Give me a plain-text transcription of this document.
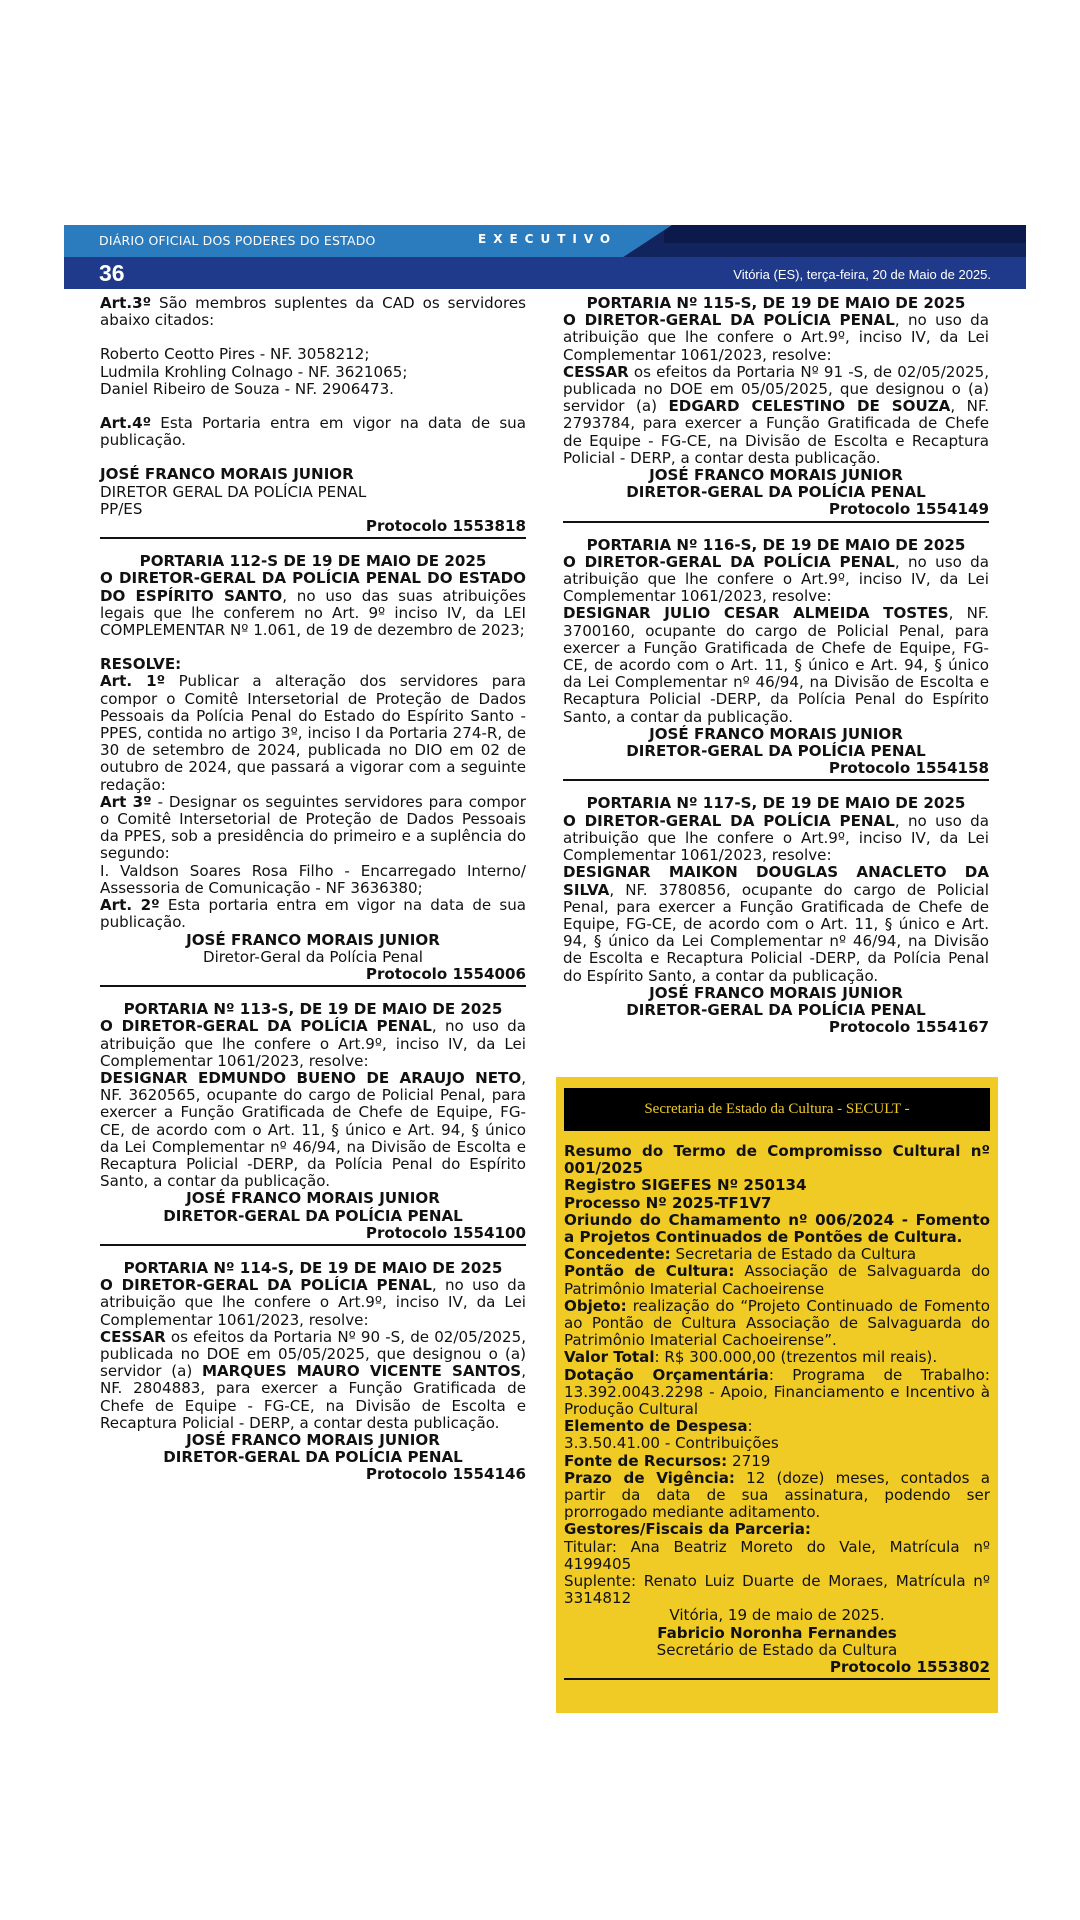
DIÁRIO OFICIAL DOS PODERES DO ESTADO	EXECUTIVO
36	Vitória (ES), terça-feira, 20 de Maio de 2025.

Art.3º São membros suplentes da CAD os servidores abaixo citados:

Roberto Ceotto Pires - NF. 3058212;

Ludmila Krohling Colnago - NF. 3621065;

Daniel Ribeiro de Souza - NF. 2906473.

Art.4º Esta Portaria entra em vigor na data de sua publicação.

JOSÉ FRANCO MORAIS JUNIOR

DIRETOR GERAL DA POLÍCIA PENAL

PP/ES

Protocolo 1553818

PORTARIA 112-S DE 19 DE MAIO DE 2025

O DIRETOR-GERAL DA POLÍCIA PENAL DO ESTADO DO ESPÍRITO SANTO, no uso das suas atribuições legais que lhe conferem no Art. 9º inciso IV, da LEI COMPLEMENTAR Nº 1.061, de 19 de dezembro de 2023;

RESOLVE:

Art. 1º Publicar a alteração dos servidores para compor o Comitê Intersetorial de Proteção de Dados Pessoais da Polícia Penal do Estado do Espírito Santo - PPES, contida no artigo 3º, inciso I da Portaria 274-R, de 30 de setembro de 2024, publicada no DIO em 02 de outubro de 2024, que passará a vigorar com a seguinte redação:

Art 3º - Designar os seguintes servidores para compor o Comitê Intersetorial de Proteção de Dados Pessoais da PPES, sob a presidência do primeiro e a suplência do segundo:

I. Valdson Soares Rosa Filho - Encarregado Interno/ Assessoria de Comunicação - NF 3636380;

Art. 2º Esta portaria entra em vigor na data de sua publicação.

JOSÉ FRANCO MORAIS JUNIOR

Diretor-Geral da Polícia Penal

Protocolo 1554006

PORTARIA Nº 113-S, DE 19 DE MAIO DE 2025

O DIRETOR-GERAL DA POLÍCIA PENAL, no uso da atribuição que lhe confere o Art.9º, inciso IV, da Lei Complementar 1061/2023, resolve:

DESIGNAR EDMUNDO BUENO DE ARAUJO NETO, NF. 3620565, ocupante do cargo de Policial Penal, para exercer a Função Gratificada de Chefe de Equipe, FG-CE, de acordo com o Art. 11, § único e Art. 94, § único da Lei Complementar nº 46/94, na Divisão de Escolta e Recaptura Policial -DERP, da Polícia Penal do Espírito Santo, a contar da publicação.

JOSÉ FRANCO MORAIS JUNIOR

DIRETOR-GERAL DA POLÍCIA PENAL

Protocolo 1554100

PORTARIA Nº 114-S, DE 19 DE MAIO DE 2025

O DIRETOR-GERAL DA POLÍCIA PENAL, no uso da atribuição que lhe confere o Art.9º, inciso IV, da Lei Complementar 1061/2023, resolve:

CESSAR os efeitos da Portaria Nº 90 -S, de 02/05/2025, publicada no DOE em 05/05/2025, que designou o (a) servidor (a) MARQUES MAURO VICENTE SANTOS, NF. 2804883, para exercer a Função Gratificada de Chefe de Equipe - FG-CE, na Divisão de Escolta e Recaptura Policial - DERP, a contar desta publicação.

JOSÉ FRANCO MORAIS JUNIOR

DIRETOR-GERAL DA POLÍCIA PENAL

Protocolo 1554146

PORTARIA Nº 115-S, DE 19 DE MAIO DE 2025

O DIRETOR-GERAL DA POLÍCIA PENAL, no uso da atribuição que lhe confere o Art.9º, inciso IV, da Lei Complementar 1061/2023, resolve:

CESSAR os efeitos da Portaria Nº 91 -S, de 02/05/2025, publicada no DOE em 05/05/2025, que designou o (a) servidor (a) EDGARD CELESTINO DE SOUZA, NF. 2793784, para exercer a Função Gratificada de Chefe de Equipe - FG-CE, na Divisão de Escolta e Recaptura Policial - DERP, a contar desta publicação.

JOSÉ FRANCO MORAIS JUNIOR

DIRETOR-GERAL DA POLÍCIA PENAL

Protocolo 1554149

PORTARIA Nº 116-S, DE 19 DE MAIO DE 2025

O DIRETOR-GERAL DA POLÍCIA PENAL, no uso da atribuição que lhe confere o Art.9º, inciso IV, da Lei Complementar 1061/2023, resolve:

DESIGNAR JULIO CESAR ALMEIDA TOSTES, NF. 3700160, ocupante do cargo de Policial Penal, para exercer a Função Gratificada de Chefe de Equipe, FG-CE, de acordo com o Art. 11, § único e Art. 94, § único da Lei Complementar nº 46/94, na Divisão de Escolta e Recaptura Policial -DERP, da Polícia Penal do Espírito Santo, a contar da publicação.

JOSÉ FRANCO MORAIS JUNIOR

DIRETOR-GERAL DA POLÍCIA PENAL

Protocolo 1554158

PORTARIA Nº 117-S, DE 19 DE MAIO DE 2025

O DIRETOR-GERAL DA POLÍCIA PENAL, no uso da atribuição que lhe confere o Art.9º, inciso IV, da Lei Complementar 1061/2023, resolve:

DESIGNAR MAIKON DOUGLAS ANACLETO DA SILVA, NF. 3780856, ocupante do cargo de Policial Penal, para exercer a Função Gratificada de Chefe de Equipe, FG-CE, de acordo com o Art. 11, § único e Art. 94, § único da Lei Complementar nº 46/94, na Divisão de Escolta e Recaptura Policial -DERP, da Polícia Penal do Espírito Santo, a contar da publicação.

JOSÉ FRANCO MORAIS JUNIOR

DIRETOR-GERAL DA POLÍCIA PENAL

Protocolo 1554167

Secretaria de Estado da Cultura - SECULT -

Resumo do Termo de Compromisso Cultural nº 001/2025

Registro SIGEFES Nº 250134

Processo Nº 2025-TF1V7

Oriundo do Chamamento nº 006/2024 - Fomento a Projetos Continuados de Pontões de Cultura.

Concedente: Secretaria de Estado da Cultura

Pontão de Cultura: Associação de Salvaguarda do Patrimônio Imaterial Cachoeirense

Objeto: realização do “Projeto Continuado de Fomento ao Pontão de Cultura Associação de Salvaguarda do Patrimônio Imaterial Cachoeirense”.

Valor Total: R$ 300.000,00 (trezentos mil reais).

Dotação Orçamentária: Programa de Trabalho: 13.392.0043.2298 - Apoio, Financiamento e Incentivo à Produção Cultural

Elemento de Despesa:

3.3.50.41.00 - Contribuições

Fonte de Recursos: 2719

Prazo de Vigência: 12 (doze) meses, contados a partir da data de sua assinatura, podendo ser prorrogado mediante aditamento.

Gestores/Fiscais da Parceria:

Titular: Ana Beatriz Moreto do Vale, Matrícula nº 4199405

Suplente: Renato Luiz Duarte de Moraes, Matrícula nº 3314812

Vitória, 19 de maio de 2025.

Fabricio Noronha Fernandes

Secretário de Estado da Cultura

Protocolo 1553802
